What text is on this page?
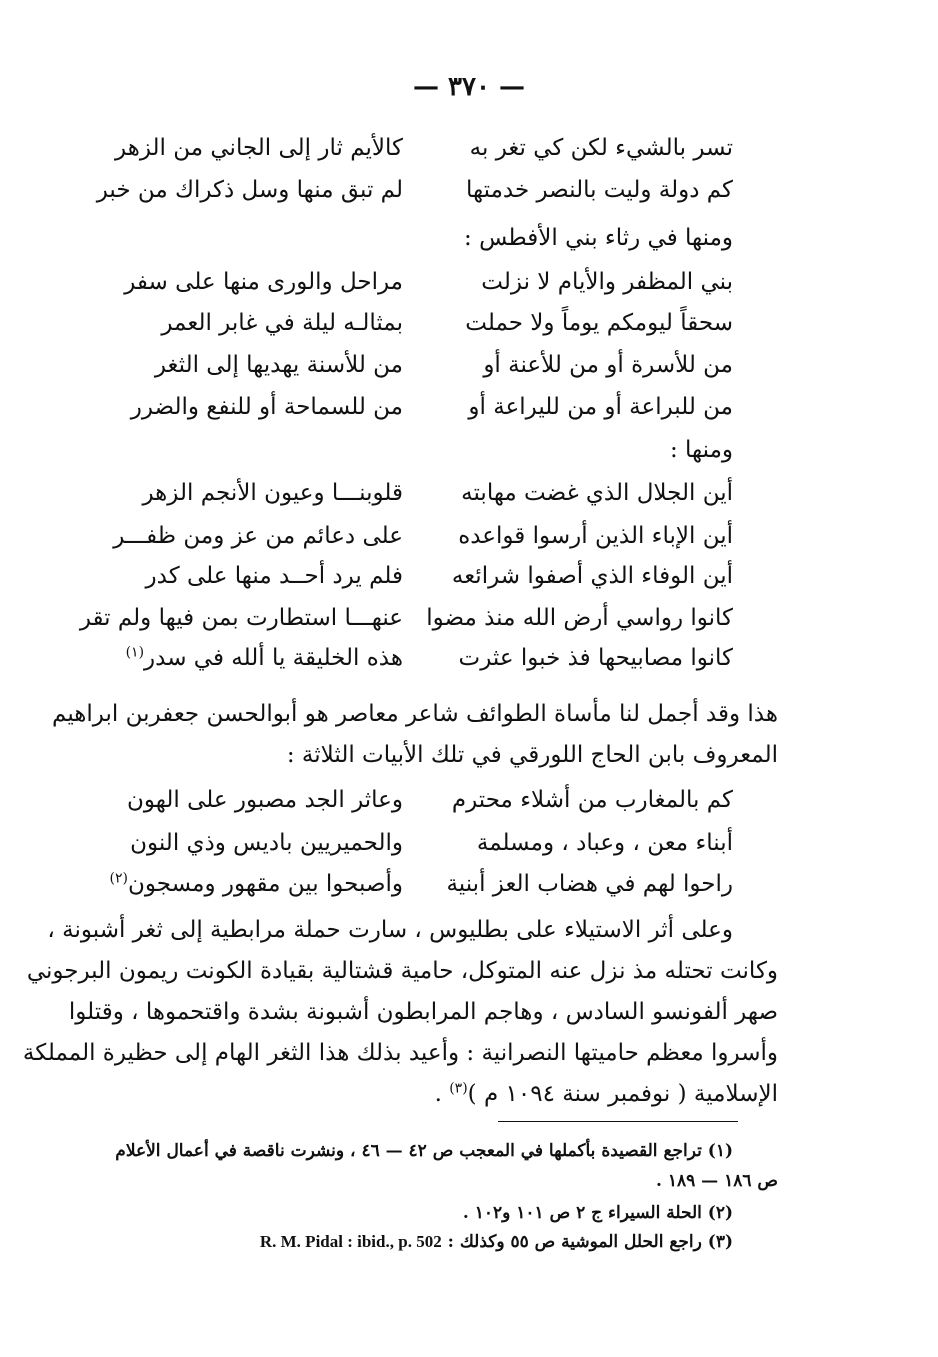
— ٣٧٠ —
تسر بالشيء لكن كي تغر به
كالأيم ثار إلى الجاني من الزهر
كم دولة وليت بالنصر خدمتها
لم تبق منها وسل ذكراك من خبر
ومنها في رثاء بني الأفطس :
بني المظفر والأيام لا نزلت
مراحل والورى منها على سفر
سحقاً ليومكم يوماً ولا حملت
بمثالـه ليلة في غابر العمر
من للأسرة أو من للأعنة أو
من للأسنة يهديها إلى الثغر
من للبراعة أو من لليراعة أو
من للسماحة أو للنفع والضرر
ومنها :
أين الجلال الذي غضت مهابته
قلوبنـــا وعيون الأنجم الزهر
أين الإباء الذين أرسوا قواعده
على دعائم من عز ومن ظفـــر
أين الوفاء الذي أصفوا شرائعه
فلم يرد أحــد منها على كدر
كانوا رواسي أرض الله منذ مضوا
عنهـــا استطارت بمن فيها ولم تقر
كانوا مصابيحها فذ خبوا عثرت
هذه الخليقة يا ألله في سدر$^{(١)}$
هذا وقد أجمل لنا مأساة الطوائف شاعر معاصر هو أبوالحسن جعفربن ابراهيم
المعروف بابن الحاج اللورقي في تلك الأبيات الثلاثة :
كم بالمغارب من أشلاء محترم
وعاثر الجد مصبور على الهون
أبناء معن ، وعباد ، ومسلمة
والحميريين باديس وذي النون
راحوا لهم في هضاب العز أبنية
وأصبحوا بين مقهور ومسجون$^{(٢)}$
وعلى أثر الاستيلاء على بطليوس ، سارت حملة مرابطية إلى ثغر أشبونة ،
وكانت تحتله مذ نزل عنه المتوكل، حامية قشتالية بقيادة الكونت ريمون البرجوني
صهر ألفونسو السادس ، وهاجم المرابطون أشبونة بشدة واقتحموها ، وقتلوا
وأسروا معظم حاميتها النصرانية : وأعيد بذلك هذا الثغر الهام إلى حظيرة المملكة
الإسلامية ( نوفمبر سنة ١٠٩٤ م )$^{(٣)}$ .
(١) تراجع القصيدة بأكملها في المعجب ص ٤٢ — ٤٦ ، ونشرت ناقصة في أعمال الأعلام
ص ١٨٦ — ١٨٩ .
(٢) الحلة السيراء ج ٢ ص ١٠١ و١٠٢ .
(٣) راجع الحلل الموشية ص ٥٥ وكذلك : R. M. Pidal : ibid., p. 502
